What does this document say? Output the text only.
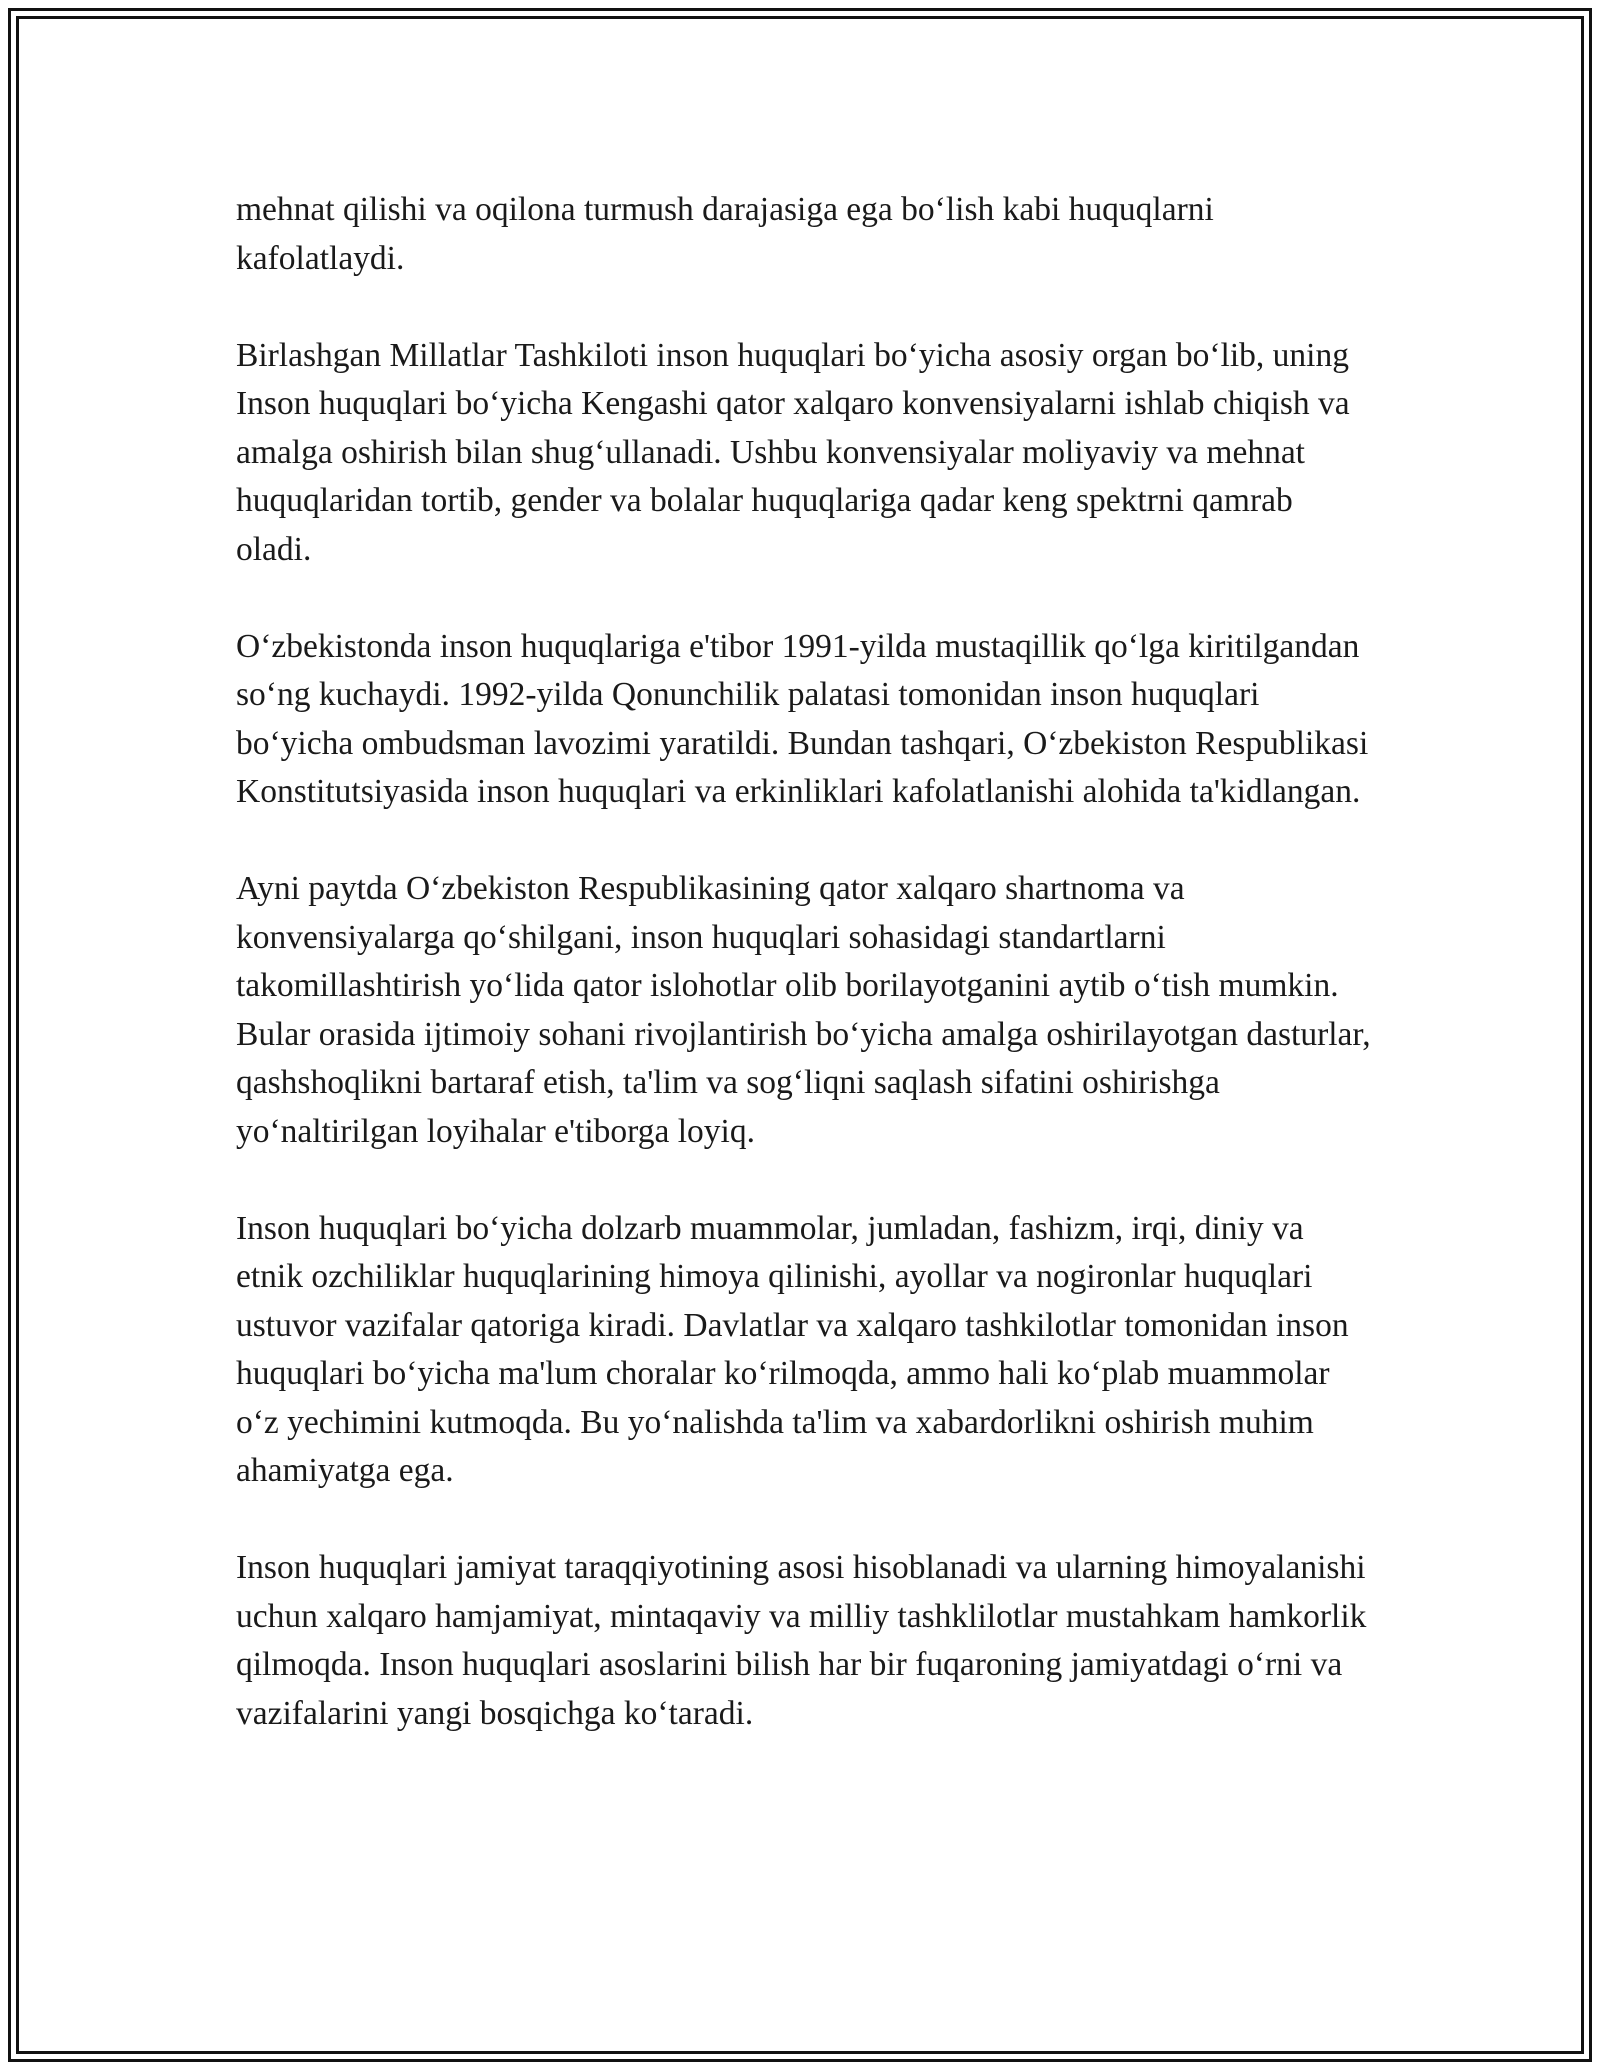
mehnat qilishi va oqilona turmush darajasiga ega bo‘lish kabi huquqlarni kafolatlaydi.

Birlashgan Millatlar Tashkiloti inson huquqlari bo‘yicha asosiy organ bo‘lib, uning Inson huquqlari bo‘yicha Kengashi qator xalqaro konvensiyalarni ishlab chiqish va amalga oshirish bilan shug‘ullanadi. Ushbu konvensiyalar moliyaviy va mehnat huquqlaridan tortib, gender va bolalar huquqlariga qadar keng spektrni qamrab oladi.

O‘zbekistonda inson huquqlariga e'tibor 1991-yilda mustaqillik qo‘lga kiritilgandan so‘ng kuchaydi. 1992-yilda Qonunchilik palatasi tomonidan inson huquqlari bo‘yicha ombudsman lavozimi yaratildi. Bundan tashqari, O‘zbekiston Respublikasi Konstitutsiyasida inson huquqlari va erkinliklari kafolatlanishi alohida ta'kidlangan.

Ayni paytda O‘zbekiston Respublikasining qator xalqaro shartnoma va konvensiyalarga qo‘shilgani, inson huquqlari sohasidagi standartlarni takomillashtirish yo‘lida qator islohotlar olib borilayotganini aytib o‘tish mumkin. Bular orasida ijtimoiy sohani rivojlantirish bo‘yicha amalga oshirilayotgan dasturlar, qashshoqlikni bartaraf etish, ta'lim va sog‘liqni saqlash sifatini oshirishga yo‘naltirilgan loyihalar e'tiborga loyiq.

Inson huquqlari bo‘yicha dolzarb muammolar, jumladan, fashizm, irqi, diniy va etnik ozchiliklar huquqlarining himoya qilinishi, ayollar va nogironlar huquqlari ustuvor vazifalar qatoriga kiradi. Davlatlar va xalqaro tashkilotlar tomonidan inson huquqlari bo‘yicha ma'lum choralar ko‘rilmoqda, ammo hali ko‘plab muammolar o‘z yechimini kutmoqda. Bu yo‘nalishda ta'lim va xabardorlikni oshirish muhim ahamiyatga ega.

Inson huquqlari jamiyat taraqqiyotining asosi hisoblanadi va ularning himoyalanishi uchun xalqaro hamjamiyat, mintaqaviy va milliy tashklilotlar mustahkam hamkorlik qilmoqda. Inson huquqlari asoslarini bilish har bir fuqaroning jamiyatdagi o‘rni va vazifalarini yangi bosqichga ko‘taradi.
